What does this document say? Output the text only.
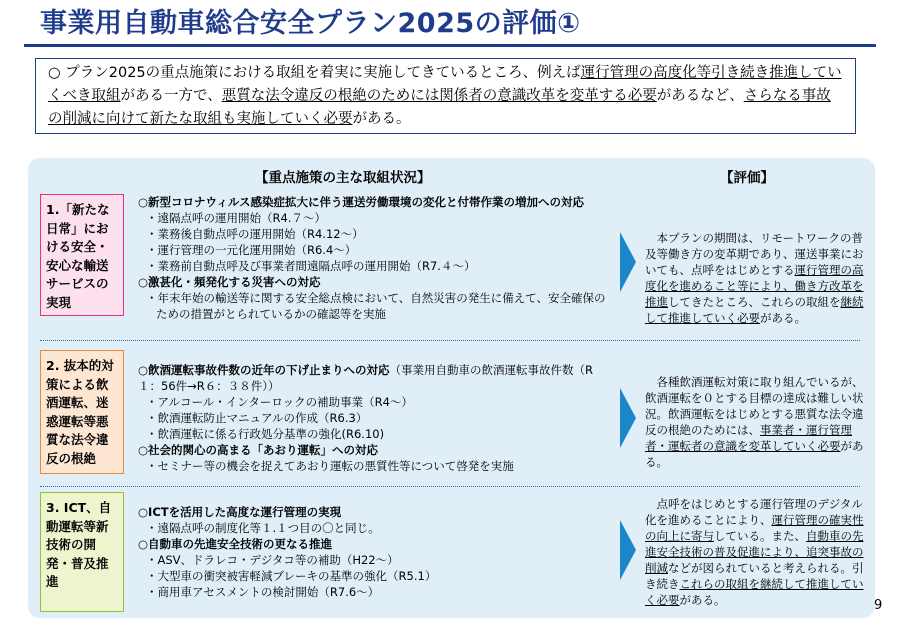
事業用自動車総合安全プラン2025の評価①
○ プラン2025の重点施策における取組を着実に実施してきているところ、例えば運行管理の高度化等引き続き推進していくべき取組がある一方で、悪質な法令違反の根絶のためには関係者の意識改革を変革する必要があるなど、さらなる事故の削減に向けて新たな取組も実施していく必要がある。
【重点施策の主な取組状況】	【評価】
1.「新たな日常」における安全・安心な輸送サービスの実現
○新型コロナウィルス感染症拡大に伴う運送労働環境の変化と付帯作業の増加への対応
・遠隔点呼の運用開始（R4.７～）
・業務後自動点呼の運用開始（R4.12～）
・運行管理の一元化運用開始（R6.4～）
・業務前自動点呼及び事業者間遠隔点呼の運用開始（R7.４～）
○激甚化・頻発化する災害への対応
・年末年始の輸送等に関する安全総点検において、自然災害の発生に備えて、安全確保のための措置がとられているかの確認等を実施

本プランの期間は、リモートワークの普及等働き方の変革期であり、運送事業においても、点呼をはじめとする運行管理の高度化を進めること等により、働き方改革を推進してきたところ、これらの取組を継続して推進していく必要がある。

2. 抜本的対策による飲酒運転、迷惑運転等悪質な法令違反の根絶
○飲酒運転事故件数の近年の下げ止まりへの対応（事業用自動車の飲酒運転事故件数（R１：56件→R６：３８件））
・アルコール・インターロックの補助事業（R4～）
・飲酒運転防止マニュアルの作成（R6.3）
・飲酒運転に係る行政処分基準の強化(R6.10)
○社会的関心の高まる「あおり運転」への対応
・セミナー等の機会を捉えてあおり運転の悪質性等について啓発を実施

各種飲酒運転対策に取り組んでいるが、飲酒運転を０とする目標の達成は難しい状況。飲酒運転をはじめとする悪質な法令違反の根絶のためには、事業者・運行管理者・運転者の意識を変革していく必要がある。

3. ICT、自動運転等新技術の開発・普及推進
○ICTを活用した高度な運行管理の実現
・遠隔点呼の制度化等１.１つ目の〇と同じ。
○自動車の先進安全技術の更なる推進
・ASV、ドラレコ・デジタコ等の補助（H22～）
・大型車の衝突被害軽減ブレーキの基準の強化（R5.1）
・商用車アセスメントの検討開始（R7.6～）

点呼をはじめとする運行管理のデジタル化を進めることにより、運行管理の確実性の向上に寄与している。また、自動車の先進安全技術の普及促進により、追突事故の削減などが図られていると考えられる。引き続きこれらの取組を継続して推進していく必要がある。	9
